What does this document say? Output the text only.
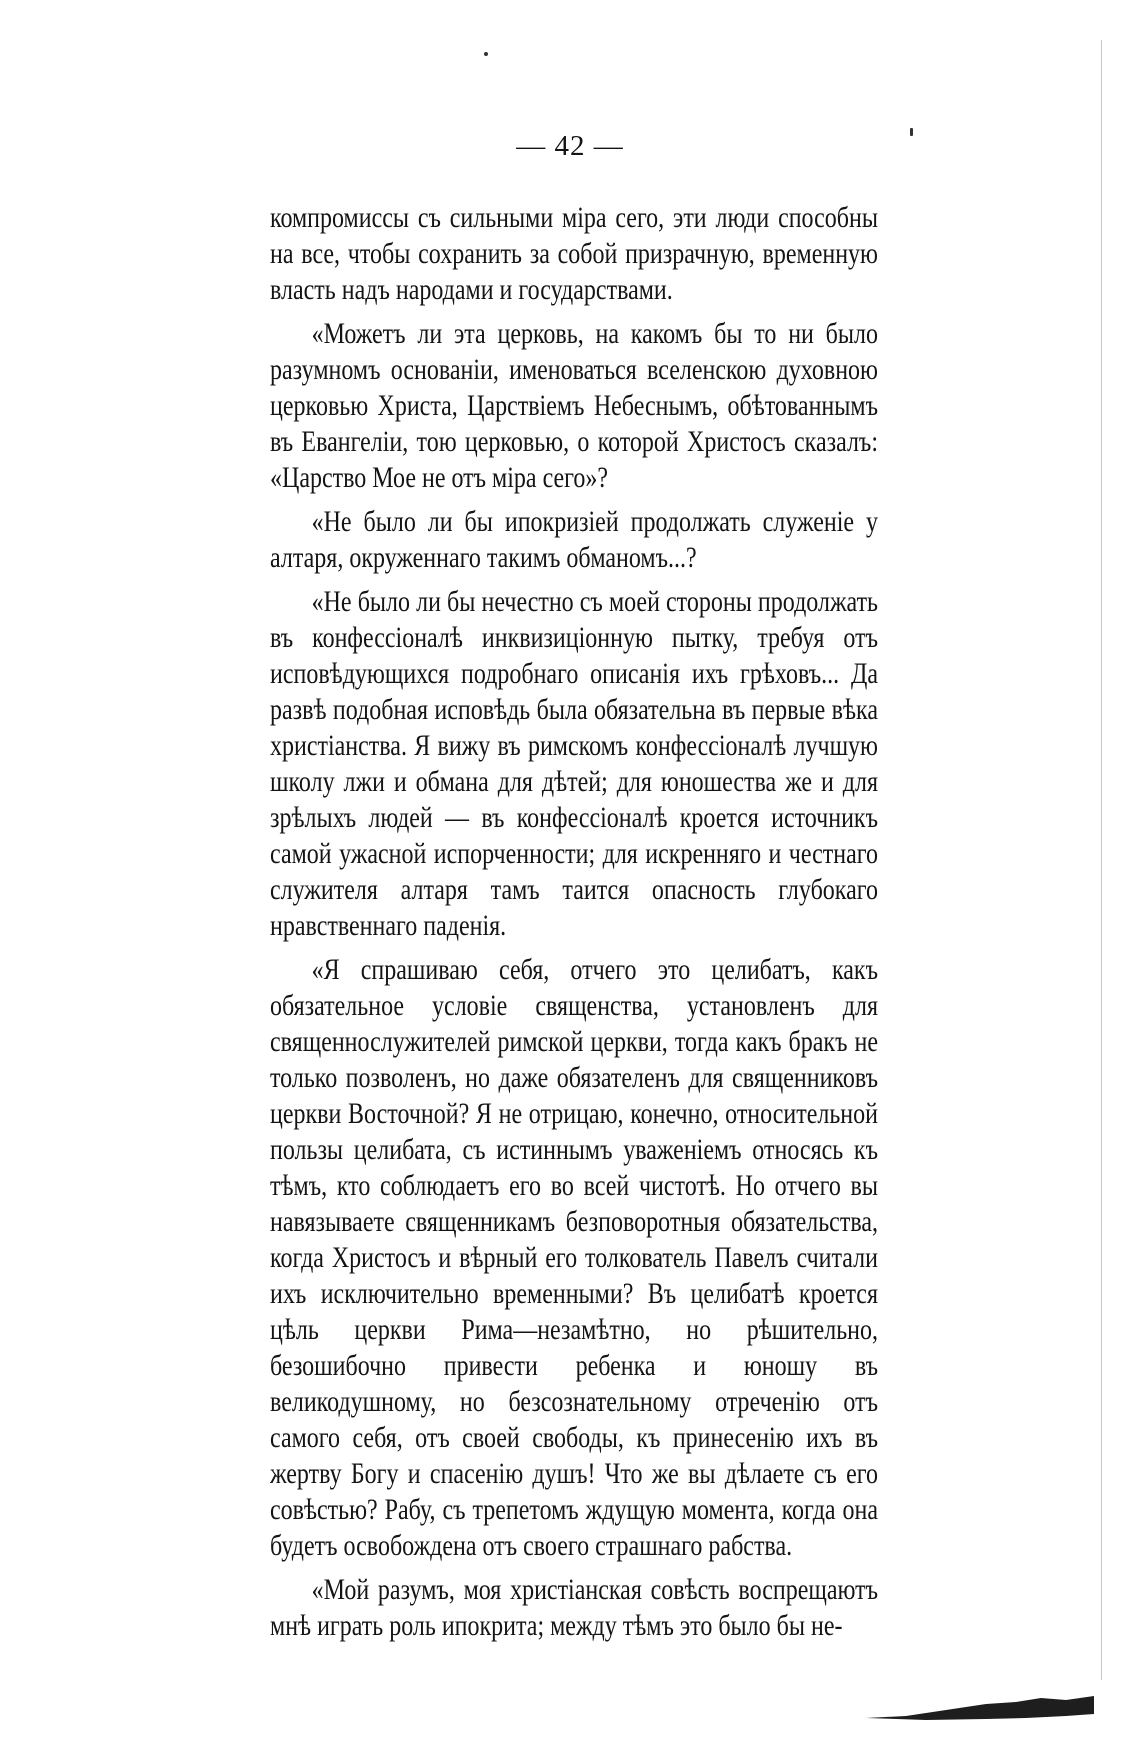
— 42 —

компромиссы съ сильными міра сего, эти люди способны на все, чтобы сохранить за собой призрачную, временную власть надъ народами и государствами.

«Можетъ ли эта церковь, на какомъ бы то ни было разумномъ основаніи, именоваться вселенскою духовною церковью Христа, Царствіемъ Небеснымъ, обѣтованнымъ въ Евангеліи, тою церковью, о которой Христосъ сказалъ: «Царство Мое не отъ міра сего»?

«Не было ли бы ипокризіей продолжать служеніе у алтаря, окруженнаго такимъ обманомъ...?

«Не было ли бы нечестно съ моей стороны продолжать въ конфессіоналѣ инквизиціонную пытку, требуя отъ исповѣдующихся подробнаго описанія ихъ грѣховъ... Да развѣ подобная исповѣдь была обязательна въ первые вѣка христіанства. Я вижу въ римскомъ конфессіоналѣ лучшую школу лжи и обмана для дѣтей; для юношества же и для зрѣлыхъ людей — въ конфессіоналѣ кроется источникъ самой ужасной испорченности; для искренняго и честнаго служителя алтаря тамъ таится опасность глубокаго нравственнаго паденія.

«Я спрашиваю себя, отчего это целибатъ, какъ обязательное условіе священства, установленъ для священнослужителей римской церкви, тогда какъ бракъ не только позволенъ, но даже обязателенъ для священниковъ церкви Восточной? Я не отрицаю, конечно, относительной пользы целибата, съ истиннымъ уваженіемъ относясь къ тѣмъ, кто соблюдаетъ его во всей чистотѣ. Но отчего вы навязываете священникамъ безповоротныя обязательства, когда Христосъ и вѣрный его толкователь Павелъ считали ихъ исключительно временными? Въ целибатѣ кроется цѣль церкви Рима—незамѣтно, но рѣшительно, безошибочно привести ребенка и юношу въ великодушному, но безсознательному отреченію отъ самого себя, отъ своей свободы, къ принесенію ихъ въ жертву Богу и спасенію душъ! Что же вы дѣлаете съ его совѣстью? Рабу, съ трепетомъ ждущую момента, когда она будетъ освобождена отъ своего страшнаго рабства.

«Мой разумъ, моя христіанская совѣсть воспрещаютъ мнѣ играть роль ипокрита; между тѣмъ это было бы не-
